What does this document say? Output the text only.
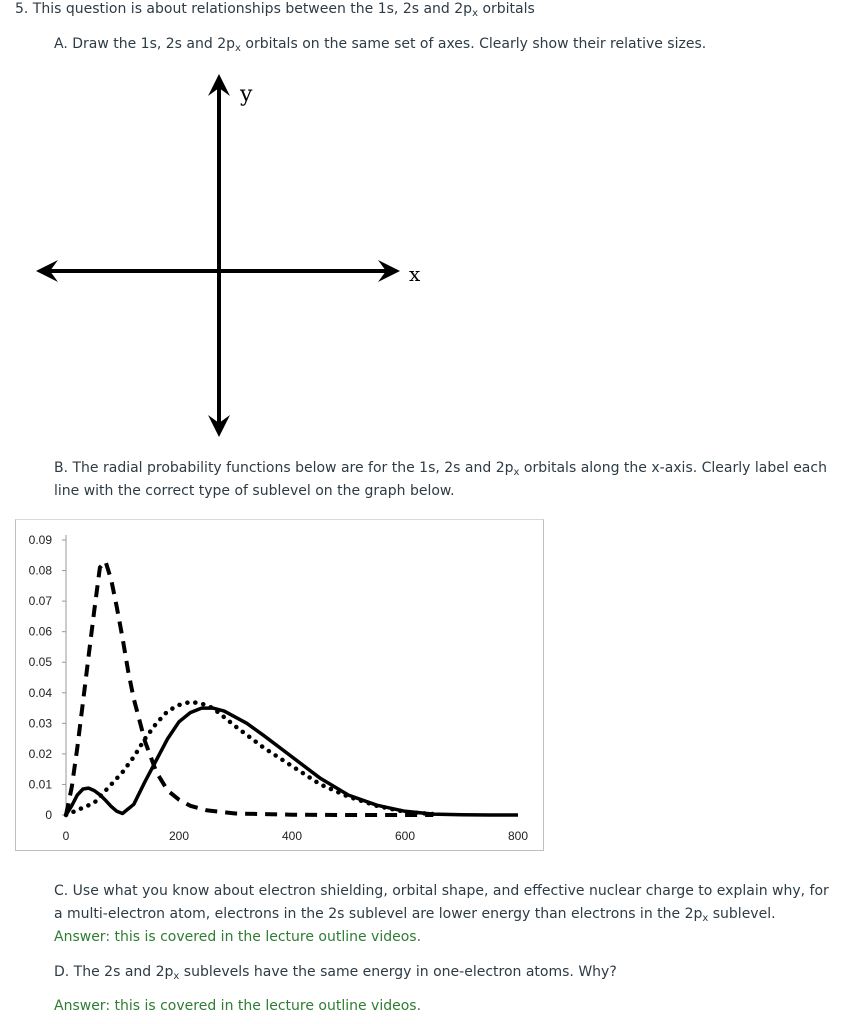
5. This question is about relationships between the 1s, 2s and $2p_x$ orbitals
A. Draw the 1s, 2s and $2p_x$ orbitals on the same set of axes. Clearly show their relative sizes.
y
x
B. The radial probability functions below are for the 1s, 2s and $2p_x$ orbitals along the x-axis. Clearly label each line with the correct type of sublevel on the graph below.
0
0.01
0.02
0.03
0.04
0.05
0.06
0.07
0.08
0.09
0	200	400	600	800
C. Use what you know about electron shielding, orbital shape, and effective nuclear charge to explain why, for a multi-electron atom, electrons in the 2s sublevel are lower energy than electrons in the $2p_x$ sublevel. Answer: this is covered in the lecture outline videos.
D. The 2s and $2p_x$ sublevels have the same energy in one-electron atoms. Why?
Answer: this is covered in the lecture outline videos.
